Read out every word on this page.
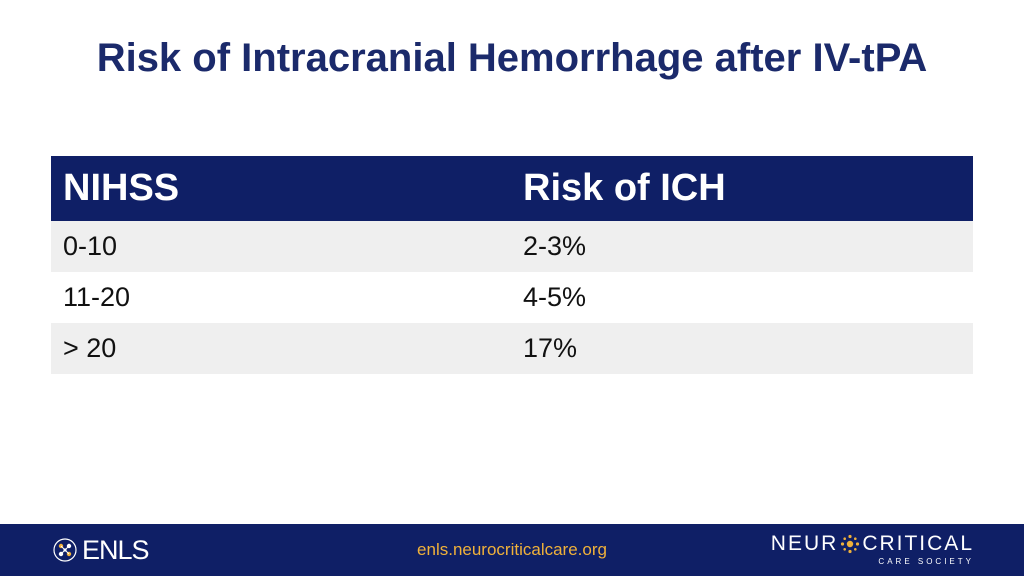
Risk of Intracranial Hemorrhage after IV-tPA
NIHSS	Risk of ICH
0-10	2-3%
11-20	4-5%
> 20	17%
ENLS	enls.neurocriticalcare.org	NEUR CRITICAL
CARE SOCIETY
